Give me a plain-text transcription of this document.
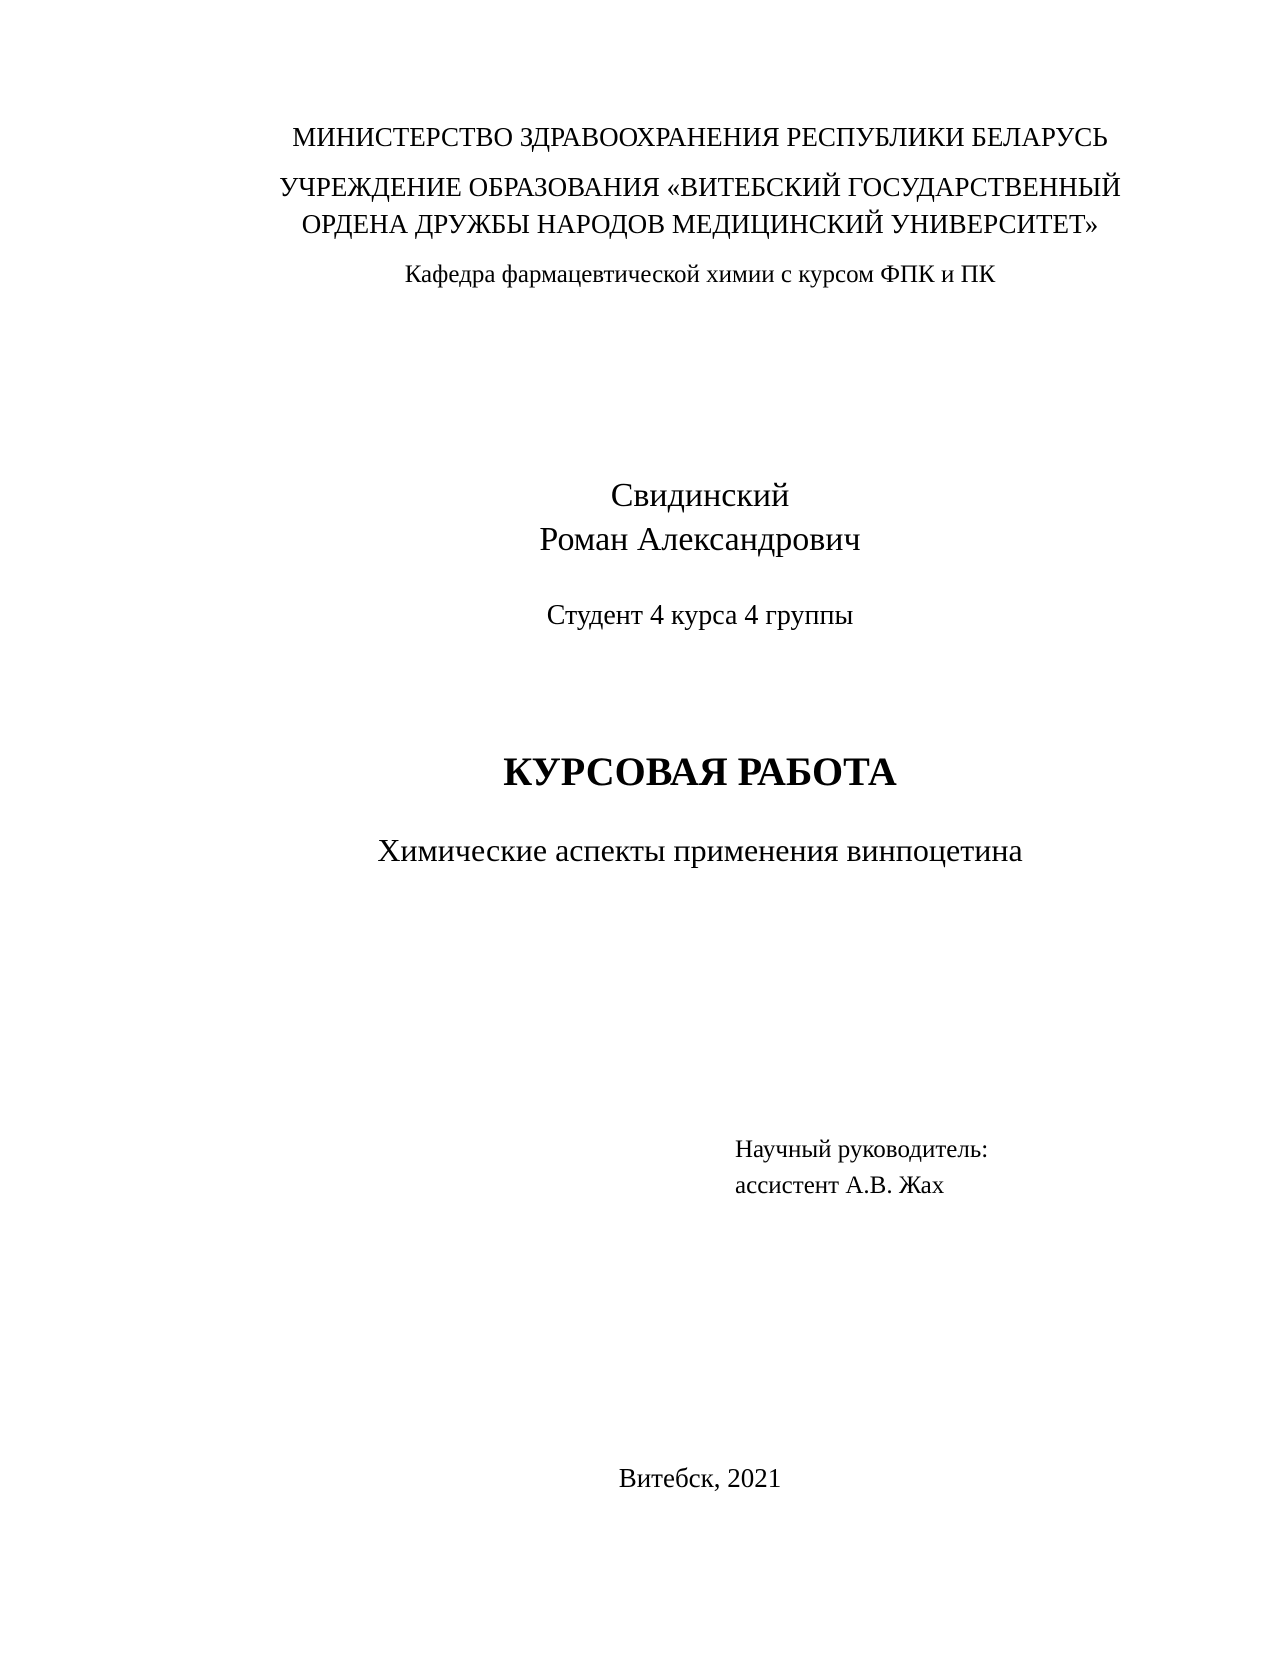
МИНИСТЕРСТВО ЗДРАВООХРАНЕНИЯ РЕСПУБЛИКИ БЕЛАРУСЬ
УЧРЕЖДЕНИЕ ОБРАЗОВАНИЯ «ВИТЕБСКИЙ ГОСУДАРСТВЕННЫЙ
ОРДЕНА ДРУЖБЫ НАРОДОВ МЕДИЦИНСКИЙ УНИВЕРСИТЕТ»
Кафедра фармацевтической химии с курсом ФПК и ПК
Свидинский
Роман Александрович
Студент 4 курса 4 группы
КУРСОВАЯ РАБОТА
Химические аспекты применения винпоцетина
Научный руководитель:
ассистент А.В. Жах
Витебск, 2021
